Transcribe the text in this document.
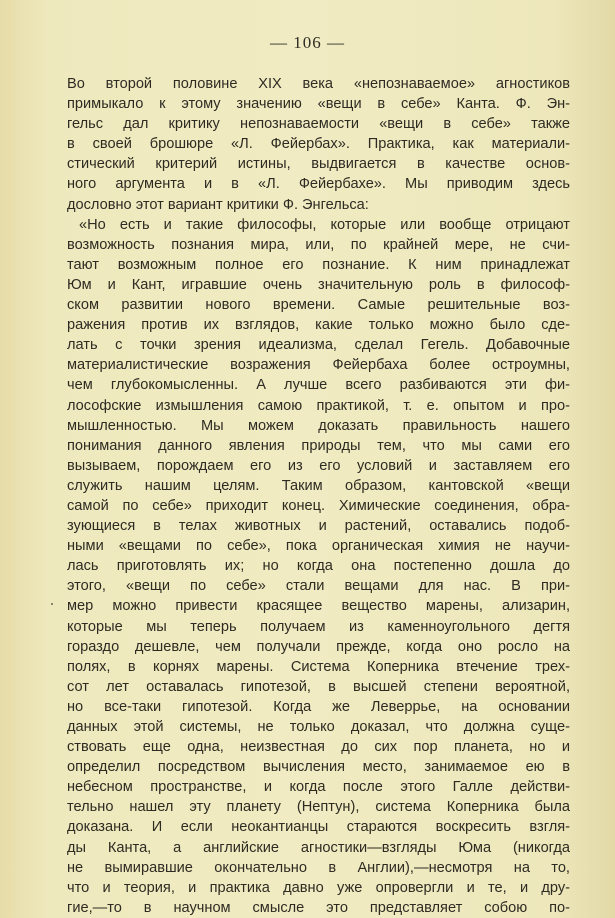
— 106 —
Во второй половине XIX века «непознаваемое» агностиков
примыкало к этому значению «вещи в себе» Канта. Ф. Эн-
гельс дал критику непознаваемости «вещи в себе» также
в своей брошюре «Л. Фейербах». Практика, как материали-
стический критерий истины, выдвигается в качестве основ-
ного аргумента и в «Л. Фейербахе». Мы приводим здесь
дословно этот вариант критики Ф. Энгельса:
«Но есть и такие философы, которые или вообще отрицают
возможность познания мира, или, по крайней мере, не счи-
тают возможным полное его познание. К ним принадлежат
Юм и Кант, игравшие очень значительную роль в философ-
ском развитии нового времени. Самые решительные воз-
ражения против их взглядов, какие только можно было сде-
лать с точки зрения идеализма, сделал Гегель. Добавочные
материалистические возражения Фейербаха более остроумны,
чем глубокомысленны. А лучше всего разбиваются эти фи-
лософские измышления самою практикой, т. е. опытом и про-
мышленностью. Мы можем доказать правильность нашего
понимания данного явления природы тем, что мы сами его
вызываем, порождаем его из его условий и заставляем его
служить нашим целям. Таким образом, кантовской «вещи
самой по себе» приходит конец. Химические соединения, обра-
зующиеся в телах животных и растений, оставались подоб-
ными «вещами по себе», пока органическая химия не научи-
лась приготовлять их; но когда она постепенно дошла до
этого, «вещи по себе» стали вещами для нас. В при-
мер можно привести красящее вещество марены, ализарин,
которые мы теперь получаем из каменноугольного дегтя
гораздо дешевле, чем получали прежде, когда оно росло на
полях, в корнях марены. Система Коперника втечение трех-
сот лет оставалась гипотезой, в высшей степени вероятной,
но все-таки гипотезой. Когда же Леверрье, на основании
данных этой системы, не только доказал, что должна суще-
ствовать еще одна, неизвестная до сих пор планета, но и
определил посредством вычисления место, занимаемое ею в
небесном пространстве, и когда после этого Галле действи-
тельно нашел эту планету (Нептун), система Коперника была
доказана. И если неокантианцы стараются воскресить взгля-
ды Канта, а английские агностики—взгляды Юма (никогда
не вымиравшие окончательно в Англии),—несмотря на то,
что и теория, и практика давно уже опровергли и те, и дру-
гие,—то в научном смысле это представляет собою по-
